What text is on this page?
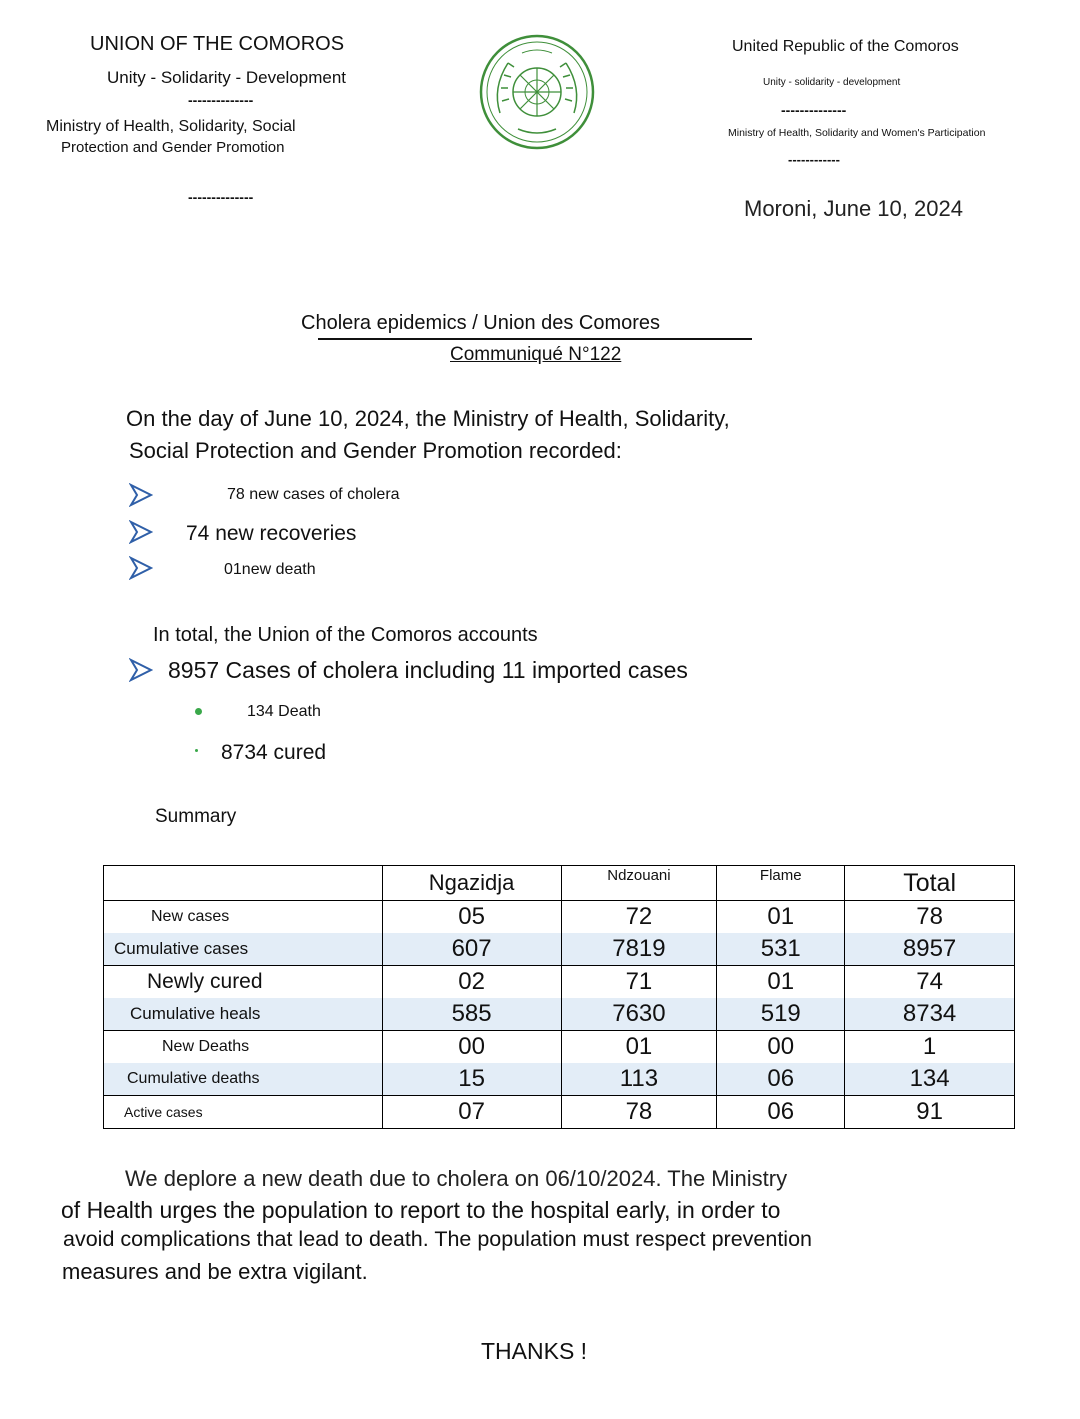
UNION OF THE COMOROS
Unity - Solidarity - Development
--------------
Ministry of Health, Solidarity, Social
Protection and Gender Promotion
--------------
United Republic of the Comoros
Unity - solidarity - development
--------------
Ministry of Health, Solidarity and Women's Participation
------------
Moroni, June 10, 2024
Cholera epidemics / Union des Comores
Communiqué N°122
On the day of June 10, 2024, the Ministry of Health, Solidarity,
Social Protection and Gender Promotion recorded:
78 new cases of cholera
74 new recoveries
01new death
In total, the Union of the Comoros accounts
8957 Cases of cholera including 11 imported cases
134 Death
8734 cured
Summary
	Ngazidja	Ndzouani	Flame	Total
New cases	05	72	01	78
Cumulative cases	607	7819	531	8957
Newly cured	02	71	01	74
Cumulative heals	585	7630	519	8734
New Deaths	00	01	00	1
Cumulative deaths	15	113	06	134
Active cases	07	78	06	91
We deplore a new death due to cholera on 06/10/2024. The Ministry
of Health urges the population to report to the hospital early, in order to
avoid complications that lead to death. The population must respect prevention
measures and be extra vigilant.
THANKS !
